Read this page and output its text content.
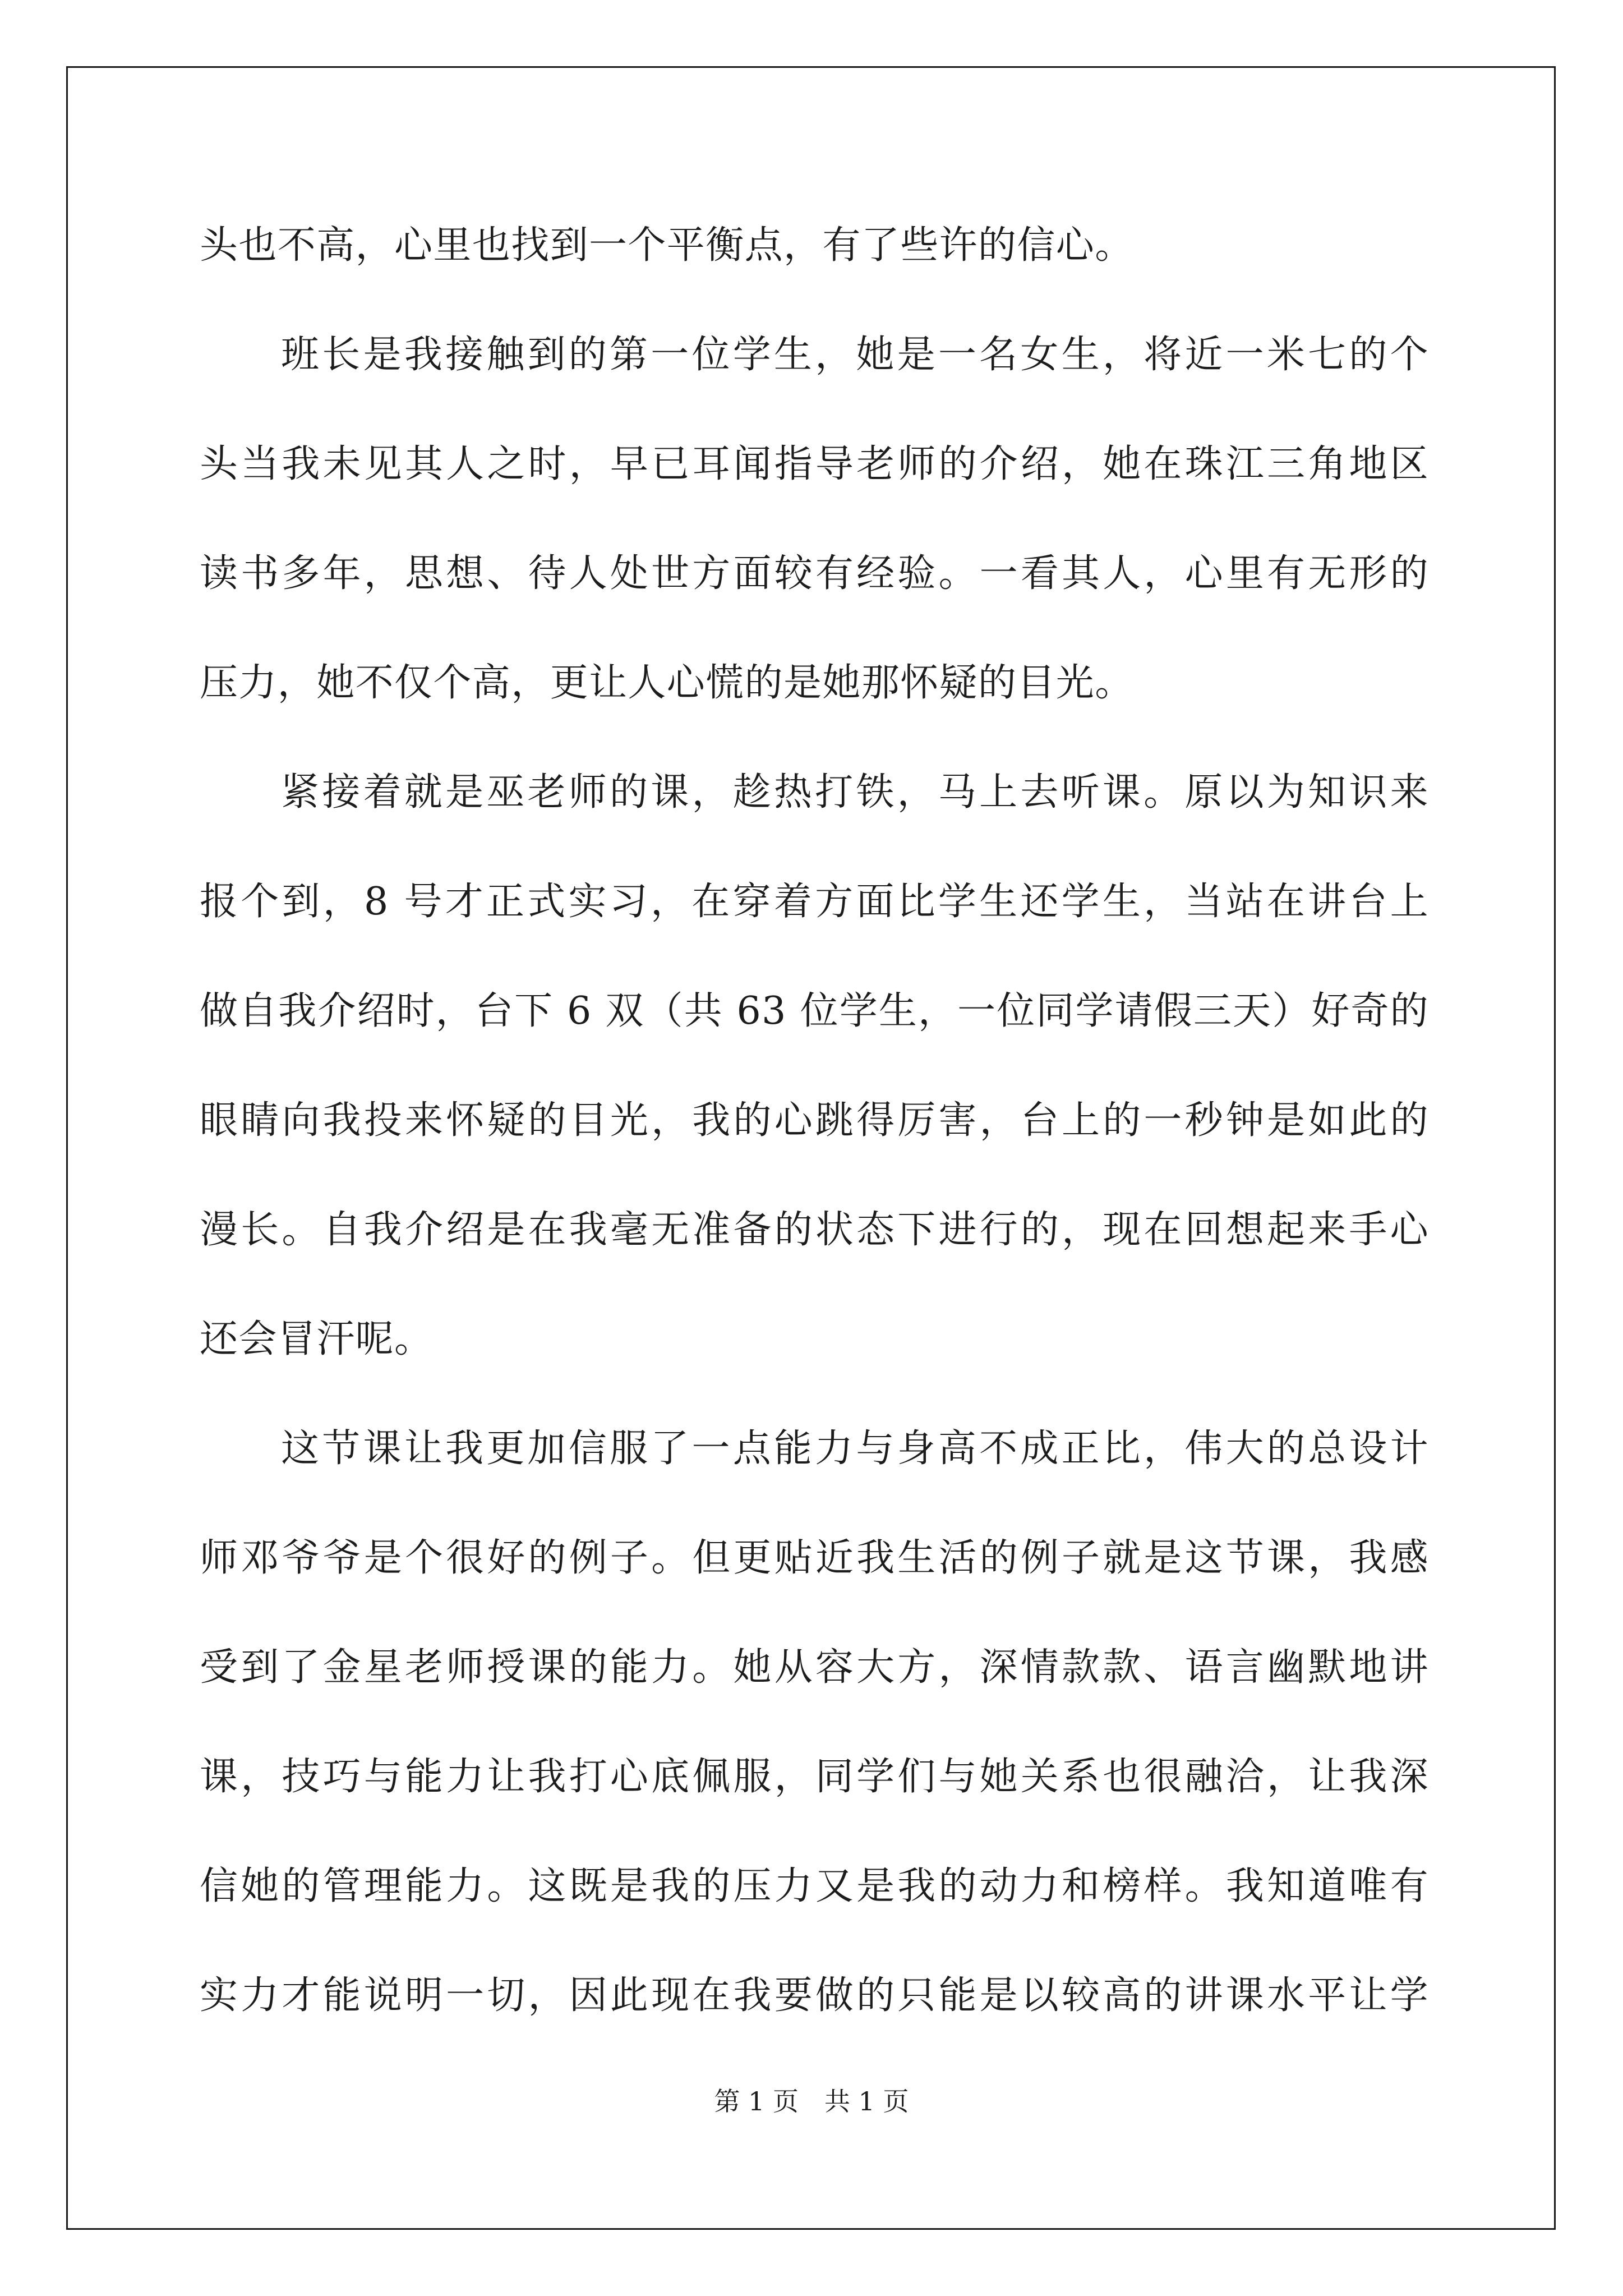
头也不高，心里也找到一个平衡点，有了些许的信心。
班长是我接触到的第一位学生，她是一名女生，将近一米七的个
头当我未见其人之时，早已耳闻指导老师的介绍，她在珠江三角地区
读书多年，思想、待人处世方面较有经验。一看其人，心里有无形的
压力，她不仅个高，更让人心慌的是她那怀疑的目光。
紧接着就是巫老师的课，趁热打铁，马上去听课。原以为知识来
报个到，8 号才正式实习，在穿着方面比学生还学生，当站在讲台上
做自我介绍时，台下 6 双（共 63 位学生，一位同学请假三天）好奇的
眼睛向我投来怀疑的目光，我的心跳得厉害，台上的一秒钟是如此的
漫长。自我介绍是在我毫无准备的状态下进行的，现在回想起来手心
还会冒汗呢。
这节课让我更加信服了一点能力与身高不成正比，伟大的总设计
师邓爷爷是个很好的例子。但更贴近我生活的例子就是这节课，我感
受到了金星老师授课的能力。她从容大方，深情款款、语言幽默地讲
课，技巧与能力让我打心底佩服，同学们与她关系也很融洽，让我深
信她的管理能力。这既是我的压力又是我的动力和榜样。我知道唯有
实力才能说明一切，因此现在我要做的只能是以较高的讲课水平让学
第 1 页 共 1 页
